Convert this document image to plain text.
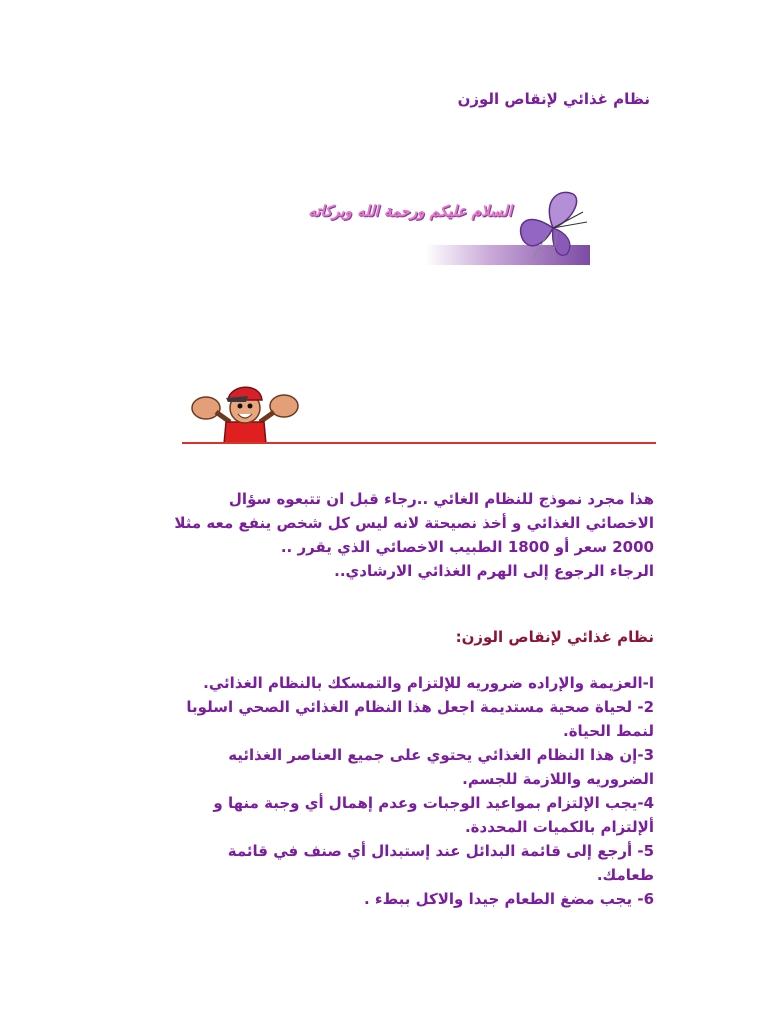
نظام غذائي لإنقاص الوزن
السلام عليكم ورحمة الله وبركاته
هذا مجرد نموذج للنظام الغائي ..رجاء قبل ان تتبعوه سؤال
الاخصائي الغذائي و أخذ نصيحتة لانه ليس كل شخص ينفع معه مثلا
2000 سعر أو 1800 الطبيب الاخصائي الذي يقرر ..
الرجاء الرجوع إلى الهرم الغذائي الارشادي..
نظام غذائي لإنقاص الوزن:
ا-العزيمة والإراده ضروريه للإلتزام والتمسكك بالنظام الغذائي.
2- لحياة صحية مستديمة اجعل هذا النظام الغذائي الصحي اسلوبا
لنمط الحياة.
3-إن هذا النظام الغذائي يحتوي على جميع العناصر الغذائيه
الضروريه واللازمة للجسم.
4-يجب الإلتزام بمواعيد الوجبات وعدم إهمال أي وجبة منها و
ألإلتزام بالكميات المحددة.
5- أرجع إلى قائمة البدائل عند إستبدال أي صنف في قائمة
طعامك.
6- يجب مضغ الطعام جيدا والاكل ببطء .
